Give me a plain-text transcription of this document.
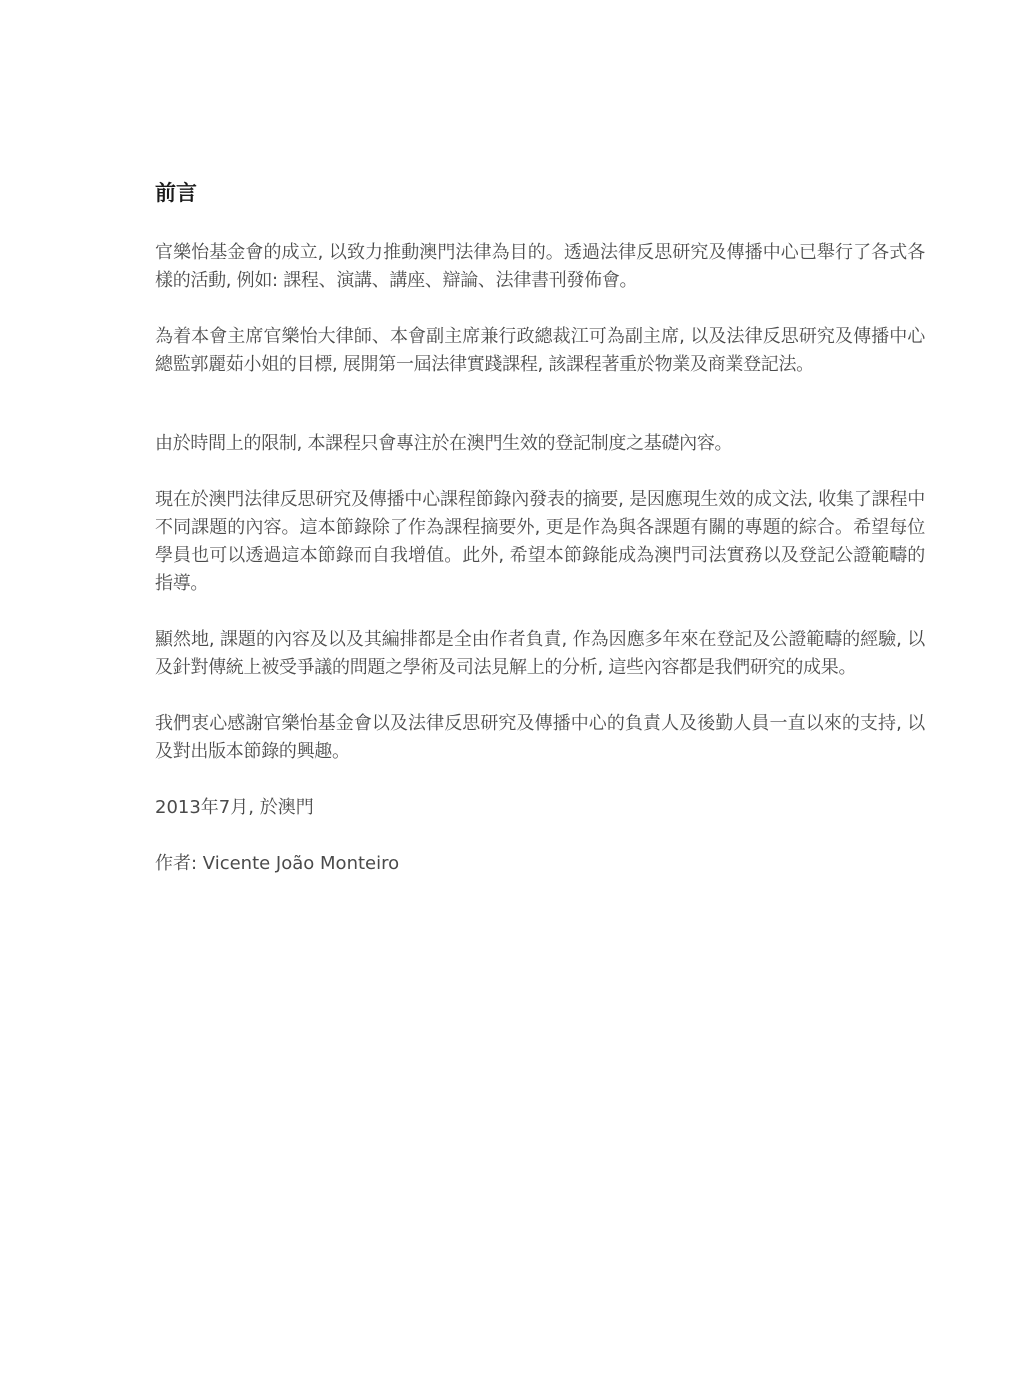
前言

官樂怡基金會的成立, 以致力推動澳門法律為目的。透過法律反思研究及傳播中心已舉行了各式各樣的活動, 例如: 課程、演講、講座、辯論、法律書刊發佈會。

為着本會主席官樂怡大律師、本會副主席兼行政總裁江可為副主席, 以及法律反思研究及傳播中心總監郭麗茹小姐的目標, 展開第一屆法律實踐課程, 該課程著重於物業及商業登記法。

由於時間上的限制, 本課程只會專注於在澳門生效的登記制度之基礎內容。

現在於澳門法律反思研究及傳播中心課程節錄內發表的摘要, 是因應現生效的成文法, 收集了課程中不同課題的內容。這本節錄除了作為課程摘要外, 更是作為與各課題有關的專題的綜合。希望每位學員也可以透過這本節錄而自我增值。此外, 希望本節錄能成為澳門司法實務以及登記公證範疇的指導。

顯然地, 課題的內容及以及其編排都是全由作者負責, 作為因應多年來在登記及公證範疇的經驗, 以及針對傳統上被受爭議的問題之學術及司法見解上的分析, 這些內容都是我們研究的成果。

我們衷心感謝官樂怡基金會以及法律反思研究及傳播中心的負責人及後勤人員一直以來的支持, 以及對出版本節錄的興趣。

2013年7月, 於澳門

作者: Vicente João Monteiro
